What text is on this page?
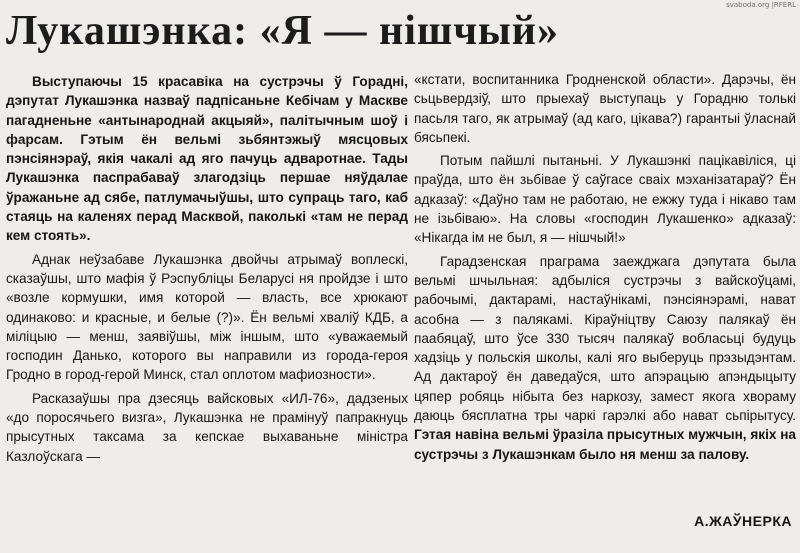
svaboda.org |RFERL
Лукашэнка: «Я — нішчый»

Выступаючы 15 красавіка на сустрэчы ў Горадні, дэпутат Лукашэнка назваў падпісаньне Кебічам у Маскве пагадненьне «антынароднай акцыяй», палітычным шоў і фарсам. Гэтым ён вельмі зьбянтэжыў мясцовых пэнсіянэраў, якія чакалі ад яго пачуць адваротнае. Тады Лукашэнка паспрабаваў злагодзіць першае няўдалае ўражаньне ад сябе, патлумачыўшы, што супраць таго, каб стаяць на каленях перад Масквой, паколькі «там не перад кем стоять».

Аднак неўзабаве Лукашэнка двойчы атрымаў воплескі, сказаўшы, што мафія ў Рэспубліцы Беларусі ня пройдзе і што «возле кормушки, имя которой — власть, все хрюкают одинаково: и красные, и белые (?)». Ён вельмі хваліў КДБ, а міліцыю — менш, заявіўшы, між іншым, што «уважаемый господин Данько, которого вы направили из города-героя Гродно в город-герой Минск, стал оплотом мафиозности».

Расказаўшы пра дзесяць вайсковых «ИЛ-76», дадзеных «до поросячьего визга», Лукашэнка не прамінуў папракнуць прысутных таксама за кепскае выхаваньне міністра Казлоўскага —

«кстати, воспитанника Гродненской области». Дарэчы, ён сьцьвердзіў, што прыехаў выступаць у Горадню толькі пасьля таго, як атрымаў (ад каго, цікава?) гарантыі ўласнай бясьпекі.

Потым пайшлі пытаньні. У Лукашэнкі пацікавіліся, ці праўда, што ён зьбівае ў саўгасе сваіх мэханізатараў? Ён адказаў: «Даўно там не работаю, не ежжу туда і нікаво там не ізьбіваю». На словы «господин Лукашенко» адказаў: «Нікагда ім не был, я — нішчый!»

Гарадзенская праграма заежджага дэпутата была вельмі шчыльная: адбыліся сустрэчы з вайскоўцамі, рабочымі, дактарамі, настаўнікамі, пэнсіянэрамі, нават асобна — з палякамі. Кіраўніцтву Саюзу палякаў ён паабяцаў, што ўсе 330 тысяч палякаў вобласьці будуць хадзіць у польскія школы, калі яго выберуць прэзыдэнтам. Ад дактароў ён даведаўся, што апэрацыю апэндыцыту цяпер робяць нібыта без наркозу, замест якога хвораму даюць бясплатна тры чаркі гарэлкі або нават сьпірытусу. Гэтая навіна вельмі ўразіла прысутных мужчын, якіх на сустрэчы з Лукашэнкам было ня менш за палову.

А.ЖАЎНЕРКА
